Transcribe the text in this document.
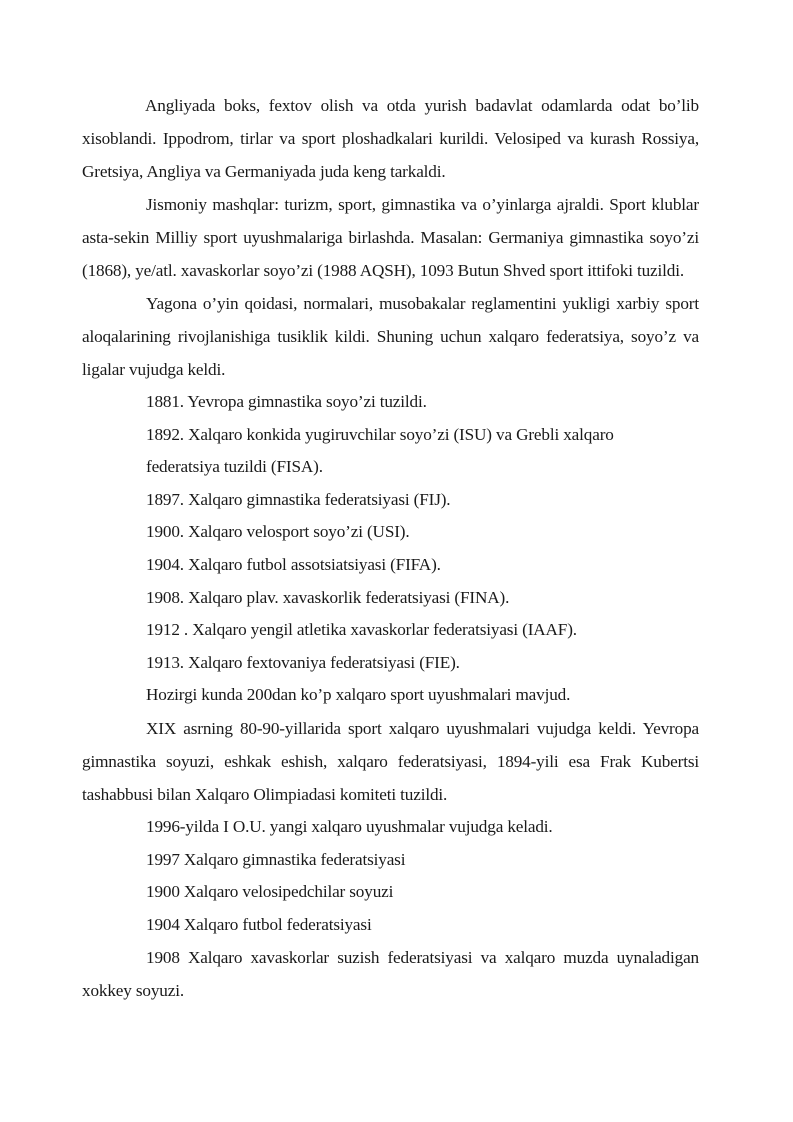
Angliyada boks, fextov olish va otda yurish badavlat odamlarda odat bo’lib xisoblandi. Ippodrom, tirlar va sport ploshadkalari kurildi. Velosiped va kurash Rossiya, Gretsiya, Angliya va Germaniyada juda keng tarkaldi.

Jismoniy mashqlar: turizm, sport, gimnastika va o’yinlarga ajraldi. Sport klublar asta-sekin Milliy sport uyushmalariga birlashda. Masalan: Germaniya gimnastika soyo’zi (1868), ye/atl. xavaskorlar soyo’zi (1988 AQSH), 1093 Butun Shved sport ittifoki tuzildi.

Yagona o’yin qoidasi, normalari, musobakalar reglamentini yukligi xarbiy sport aloqalarining rivojlanishiga tusiklik kildi. Shuning uchun xalqaro federatsiya, soyo’z va ligalar vujudga keldi.

1881. Yevropa gimnastika soyo’zi tuzildi.

1892. Xalqaro konkida yugiruvchilar soyo’zi (ISU) va Grebli xalqaro

federatsiya tuzildi (FISA).

1897. Xalqaro gimnastika federatsiyasi (FIJ).

1900. Xalqaro velosport soyo’zi (USI).

1904. Xalqaro futbol assotsiatsiyasi (FIFA).

1908. Xalqaro plav. xavaskorlik federatsiyasi (FINA).

1912 . Xalqaro yengil atletika xavaskorlar federatsiyasi (IAAF).

1913. Xalqaro fextovaniya federatsiyasi (FIE).

Hozirgi kunda 200dan ko’p xalqaro sport uyushmalari mavjud.

XIX asrning 80-90-yillarida sport xalqaro uyushmalari vujudga keldi. Yevropa gimnastika soyuzi, eshkak eshish, xalqaro federatsiyasi, 1894-yili esa Frak Kubertsi tashabbusi bilan Xalqaro Olimpiadasi komiteti tuzildi.

1996-yilda I O.U. yangi xalqaro uyushmalar vujudga keladi.

1997 Xalqaro gimnastika federatsiyasi

1900 Xalqaro velosipedchilar soyuzi

1904 Xalqaro futbol federatsiyasi

1908 Xalqaro xavaskorlar suzish federatsiyasi va xalqaro muzda uynaladigan xokkey soyuzi.
